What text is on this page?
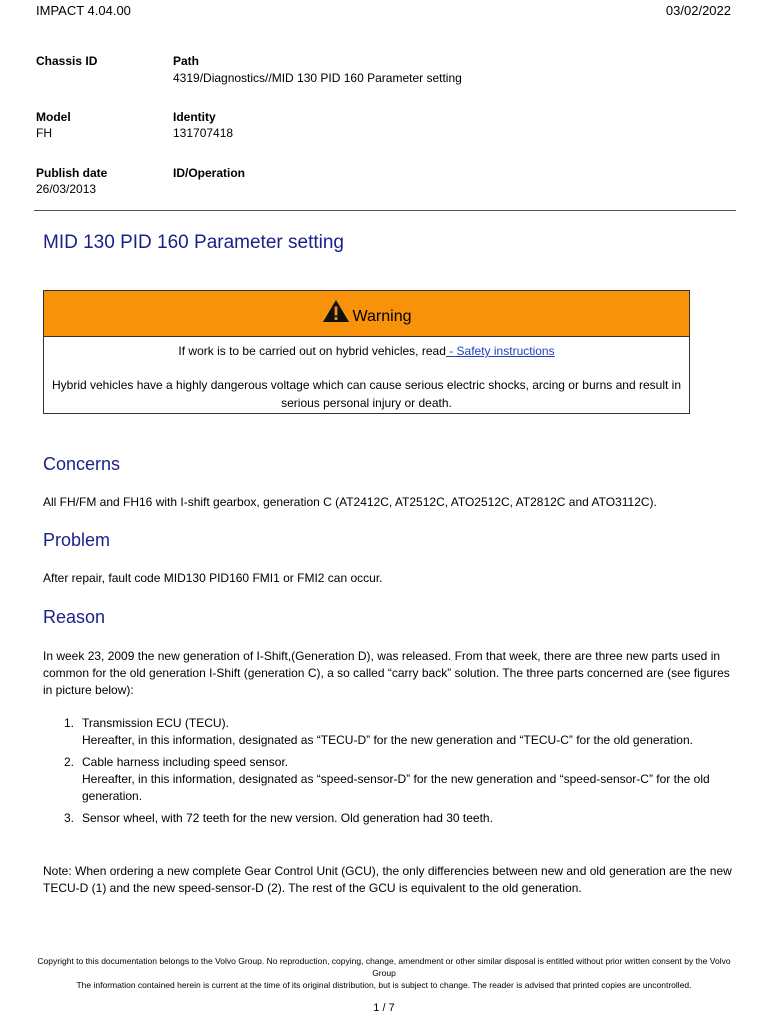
IMPACT 4.04.00	03/02/2022
Chassis ID	Path
4319/Diagnostics//MID 130 PID 160 Parameter setting
Model
FH
Identity
131707418
Publish date
26/03/2013
ID/Operation
MID 130 PID 160 Parameter setting
Warning
If work is to be carried out on hybrid vehicles, read - Safety instructions
Hybrid vehicles have a highly dangerous voltage which can cause serious electric shocks, arcing or burns and result in serious personal injury or death.
Concerns
All FH/FM and FH16 with I-shift gearbox, generation C (AT2412C, AT2512C, ATO2512C, AT2812C and ATO3112C).
Problem
After repair, fault code MID130 PID160 FMI1 or FMI2 can occur.
Reason
In week 23, 2009 the new generation of I-Shift,(Generation D), was released. From that week, there are three new parts used in common for the old generation I-Shift (generation C), a so called “carry back” solution. The three parts concerned are (see figures in picture below):
1. Transmission ECU (TECU).
Hereafter, in this information, designated as “TECU-D” for the new generation and “TECU-C” for the old generation.
2. Cable harness including speed sensor.
Hereafter, in this information, designated as “speed-sensor-D” for the new generation and “speed-sensor-C” for the old generation.
3. Sensor wheel, with 72 teeth for the new version. Old generation had 30 teeth.
Note: When ordering a new complete Gear Control Unit (GCU), the only differencies between new and old generation are the new TECU-D (1) and the new speed-sensor-D (2). The rest of the GCU is equivalent to the old generation.
Copyright to this documentation belongs to the Volvo Group. No reproduction, copying, change, amendment or other similar disposal is entitled without prior written consent by the Volvo Group
The information contained herein is current at the time of its original distribution, but is subject to change. The reader is advised that printed copies are uncontrolled.
1 / 7
